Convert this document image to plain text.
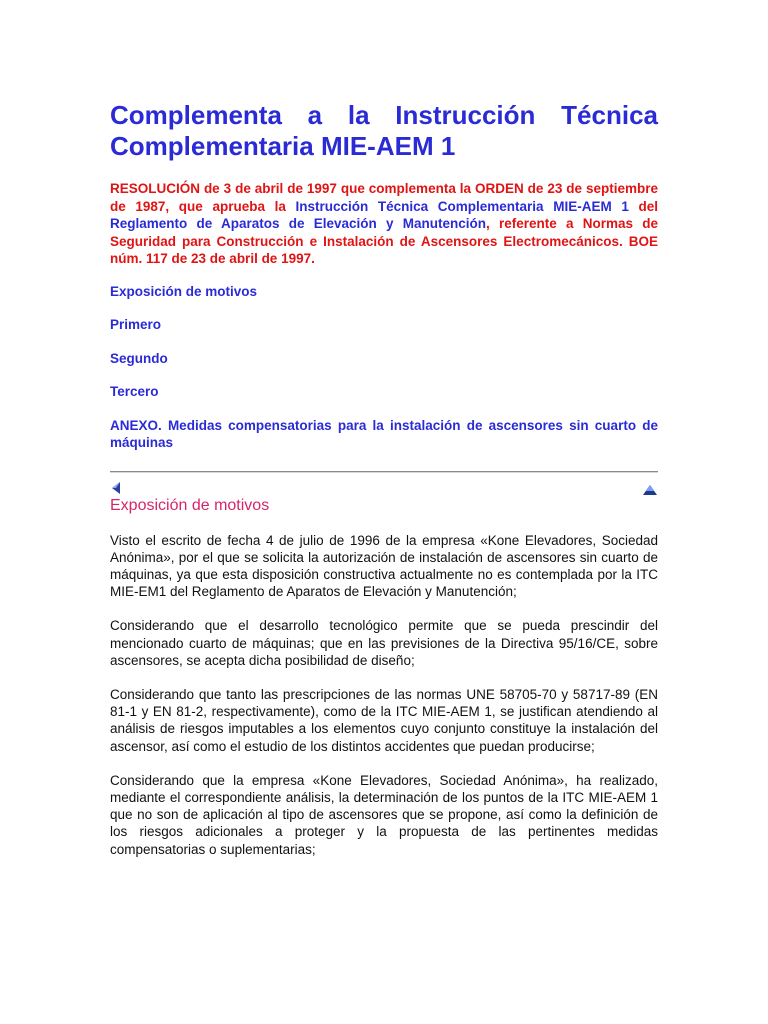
Complementa a la Instrucción Técnica Complementaria MIE-AEM 1

RESOLUCIÓN de 3 de abril de 1997 que complementa la ORDEN de 23 de septiembre de 1987, que aprueba la Instrucción Técnica Complementaria MIE-AEM 1 del Reglamento de Aparatos de Elevación y Manutención, referente a Normas de Seguridad para Construcción e Instalación de Ascensores Electromecánicos. BOE núm. 117 de 23 de abril de 1997.

Exposición de motivos
Primero
Segundo
Tercero
ANEXO. Medidas compensatorias para la instalación de ascensores sin cuarto de máquinas
Exposición de motivos

Visto el escrito de fecha 4 de julio de 1996 de la empresa «Kone Elevadores, Sociedad Anónima», por el que se solicita la autorización de instalación de ascensores sin cuarto de máquinas, ya que esta disposición constructiva actualmente no es contemplada por la ITC MIE-EM1 del Reglamento de Aparatos de Elevación y Manutención;

Considerando que el desarrollo tecnológico permite que se pueda prescindir del mencionado cuarto de máquinas; que en las previsiones de la Directiva 95/16/CE, sobre ascensores, se acepta dicha posibilidad de diseño;

Considerando que tanto las prescripciones de las normas UNE 58705-70 y 58717-89 (EN 81-1 y EN 81-2, respectivamente), como de la ITC MIE-AEM 1, se justifican atendiendo al análisis de riesgos imputables a los elementos cuyo conjunto constituye la instalación del ascensor, así como el estudio de los distintos accidentes que puedan producirse;

Considerando que la empresa «Kone Elevadores, Sociedad Anónima», ha realizado, mediante el correspondiente análisis, la determinación de los puntos de la ITC MIE-AEM 1 que no son de aplicación al tipo de ascensores que se propone, así como la definición de los riesgos adicionales a proteger y la propuesta de las pertinentes medidas compensatorias o suplementarias;
